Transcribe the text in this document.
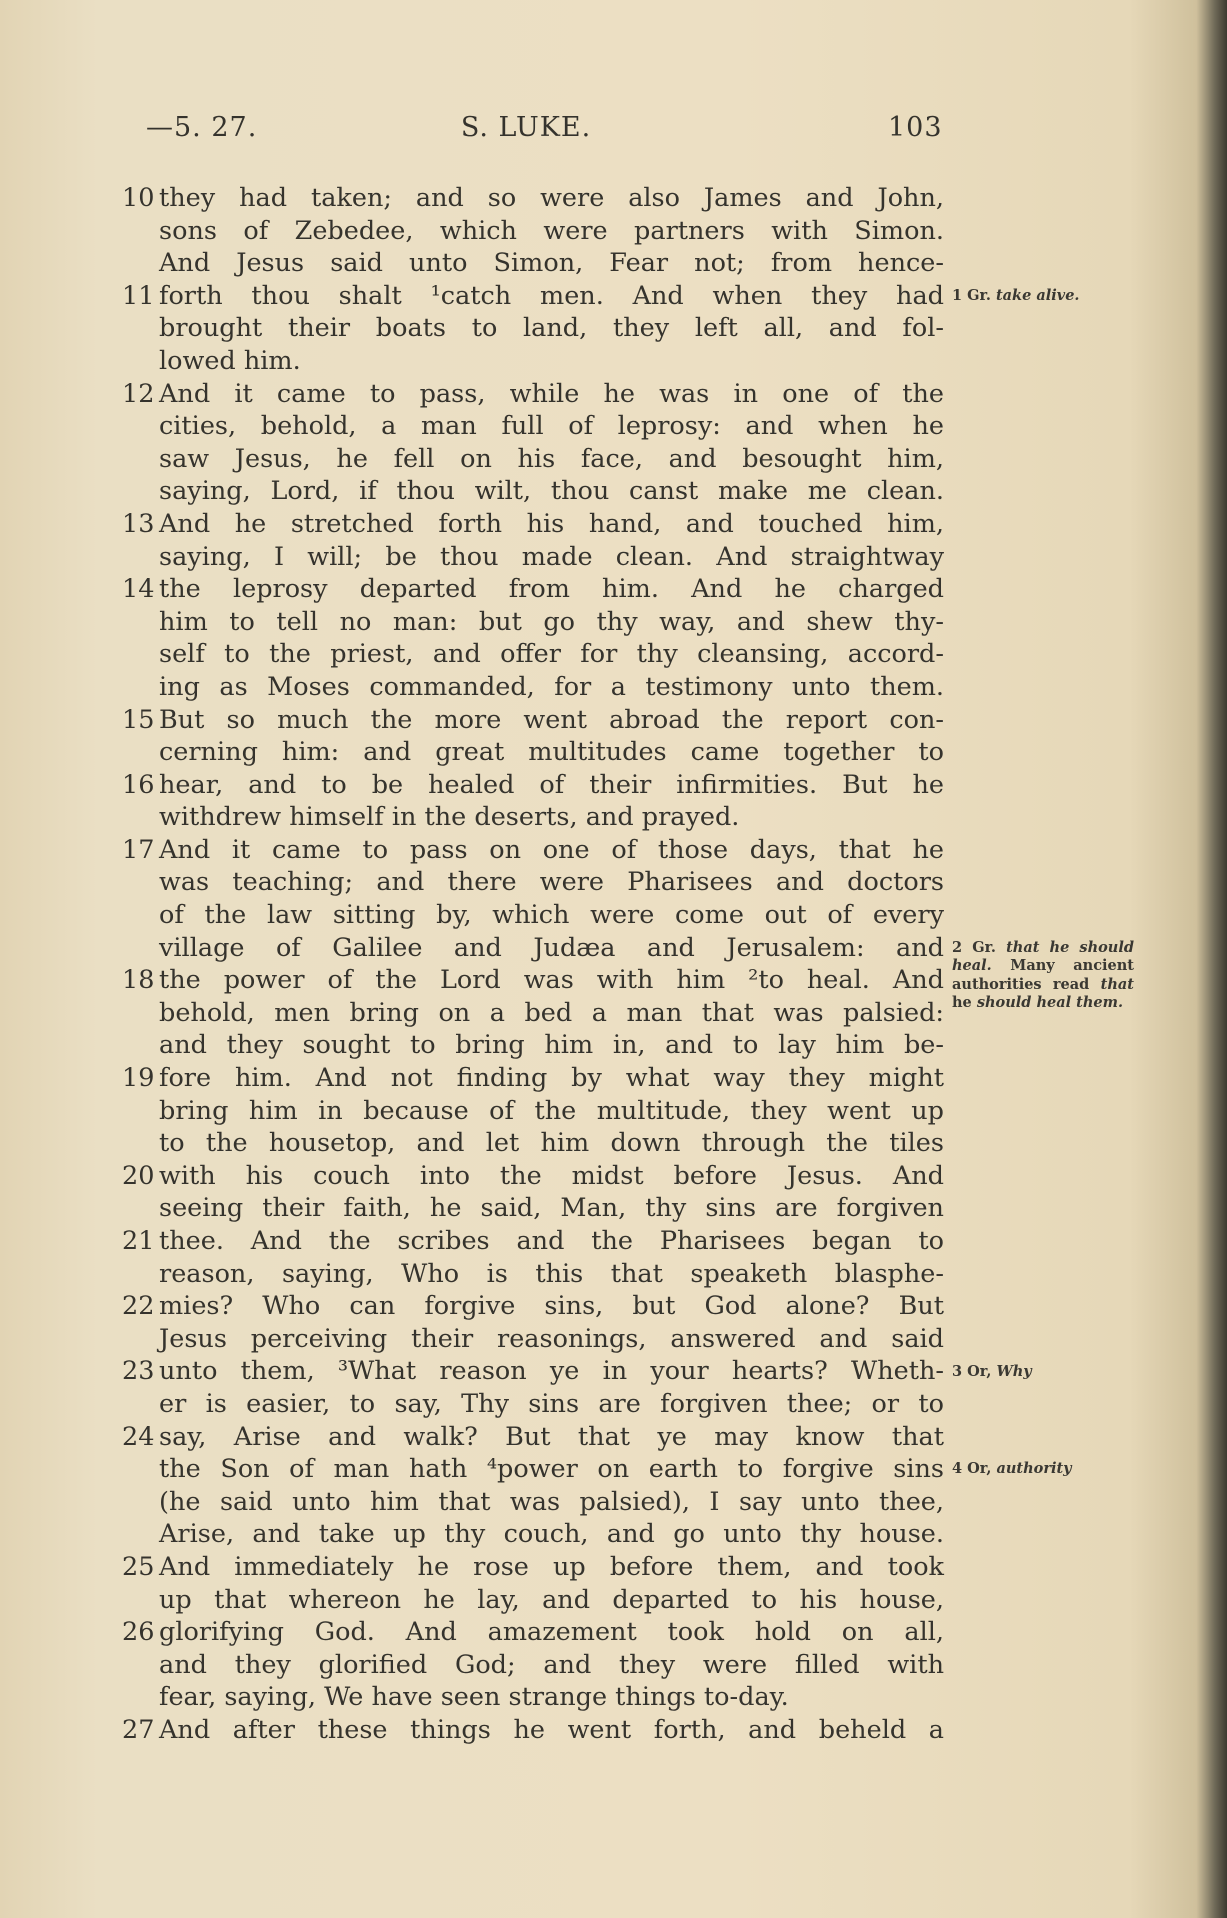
—5. 27.	S. LUKE.	103
10 they had taken; and so were also James and John,
sons of Zebedee, which were partners with Simon.
And Jesus said unto Simon, Fear not; from hence-
11 forth thou shalt ¹catch men. And when they had
brought their boats to land, they left all, and fol-
lowed him.
12 And it came to pass, while he was in one of the
cities, behold, a man full of leprosy: and when he
saw Jesus, he fell on his face, and besought him,
saying, Lord, if thou wilt, thou canst make me clean.
13 And he stretched forth his hand, and touched him,
saying, I will; be thou made clean. And straightway
14 the leprosy departed from him. And he charged
him to tell no man: but go thy way, and shew thy-
self to the priest, and offer for thy cleansing, accord-
ing as Moses commanded, for a testimony unto them.
15 But so much the more went abroad the report con-
cerning him: and great multitudes came together to
16 hear, and to be healed of their infirmities. But he
withdrew himself in the deserts, and prayed.
17 And it came to pass on one of those days, that he
was teaching; and there were Pharisees and doctors
of the law sitting by, which were come out of every
village of Galilee and Judæa and Jerusalem: and
18 the power of the Lord was with him ²to heal. And
behold, men bring on a bed a man that was palsied:
and they sought to bring him in, and to lay him be-
19 fore him. And not finding by what way they might
bring him in because of the multitude, they went up
to the housetop, and let him down through the tiles
20 with his couch into the midst before Jesus. And
seeing their faith, he said, Man, thy sins are forgiven
21 thee. And the scribes and the Pharisees began to
reason, saying, Who is this that speaketh blasphe-
22 mies? Who can forgive sins, but God alone? But
Jesus perceiving their reasonings, answered and said
23 unto them, ³What reason ye in your hearts? Wheth-
er is easier, to say, Thy sins are forgiven thee; or to
24 say, Arise and walk? But that ye may know that
the Son of man hath ⁴power on earth to forgive sins
(he said unto him that was palsied), I say unto thee,
Arise, and take up thy couch, and go unto thy house.
25 And immediately he rose up before them, and took
up that whereon he lay, and departed to his house,
26 glorifying God. And amazement took hold on all,
and they glorified God; and they were filled with
fear, saying, We have seen strange things to-day.
27 And after these things he went forth, and beheld a
1 Gr. take alive.
2 Gr. that he should heal. Many ancient authorities read that he should heal them.
3 Or, Why
4 Or, authority
